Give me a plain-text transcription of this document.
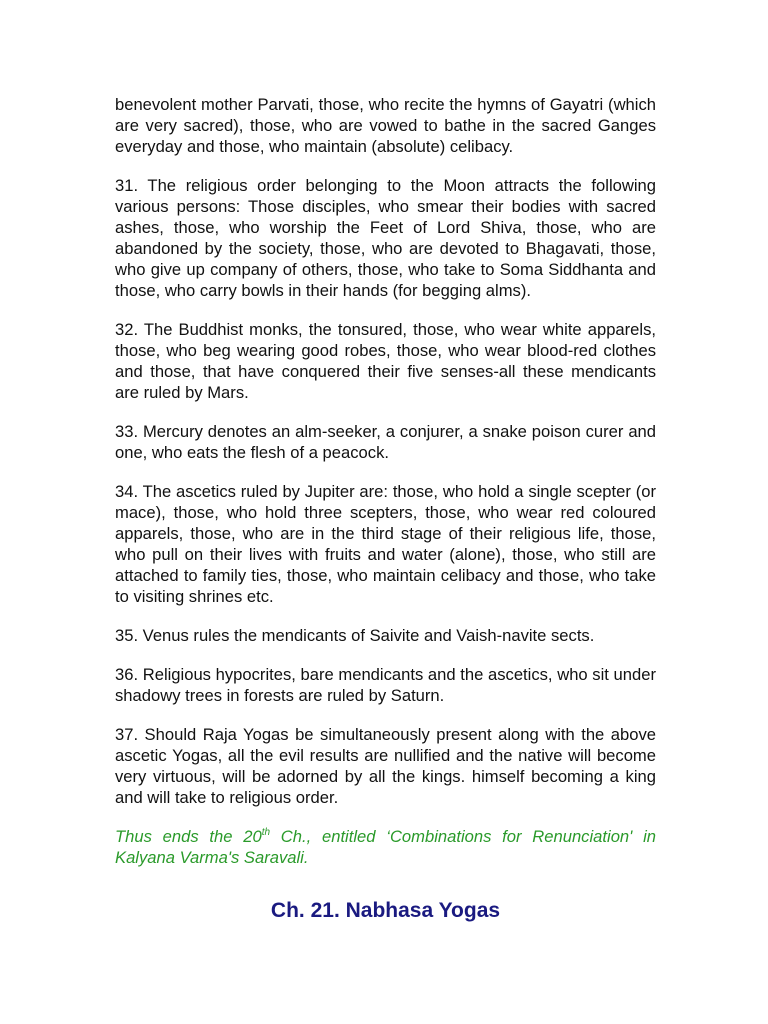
benevolent mother Parvati, those, who recite the hymns of Gayatri (which are very sacred), those, who are vowed to bathe in the sacred Ganges everyday and those, who maintain (absolute) celibacy.

31. The religious order belonging to the Moon attracts the following various persons: Those disciples, who smear their bodies with sacred ashes, those, who worship the Feet of Lord Shiva, those, who are abandoned by the society, those, who are devoted to Bhagavati, those, who give up company of others, those, who take to Soma Siddhanta and those, who carry bowls in their hands (for begging alms).

32. The Buddhist monks, the tonsured, those, who wear white apparels, those, who beg wearing good robes, those, who wear blood-red clothes and those, that have conquered their five senses-all these mendicants are ruled by Mars.

33. Mercury denotes an alm-seeker, a conjurer, a snake poison curer and one, who eats the flesh of a peacock.

34. The ascetics ruled by Jupiter are: those, who hold a single scepter (or mace), those, who hold three scepters, those, who wear red coloured apparels, those, who are in the third stage of their religious life, those, who pull on their lives with fruits and water (alone), those, who still are attached to family ties, those, who maintain celibacy and those, who take to visiting shrines etc.

35. Venus rules the mendicants of Saivite and Vaish-navite sects.

36. Religious hypocrites, bare mendicants and the ascetics, who sit under shadowy trees in forests are ruled by Saturn.

37. Should Raja Yogas be simultaneously present along with the above ascetic Yogas, all the evil results are nullified and the native will become very virtuous, will be adorned by all the kings. himself becoming a king and will take to religious order.

Thus ends the 20th Ch., entitled ‘Combinations for Renunciation' in Kalyana Varma's Saravali.

Ch. 21. Nabhasa Yogas
